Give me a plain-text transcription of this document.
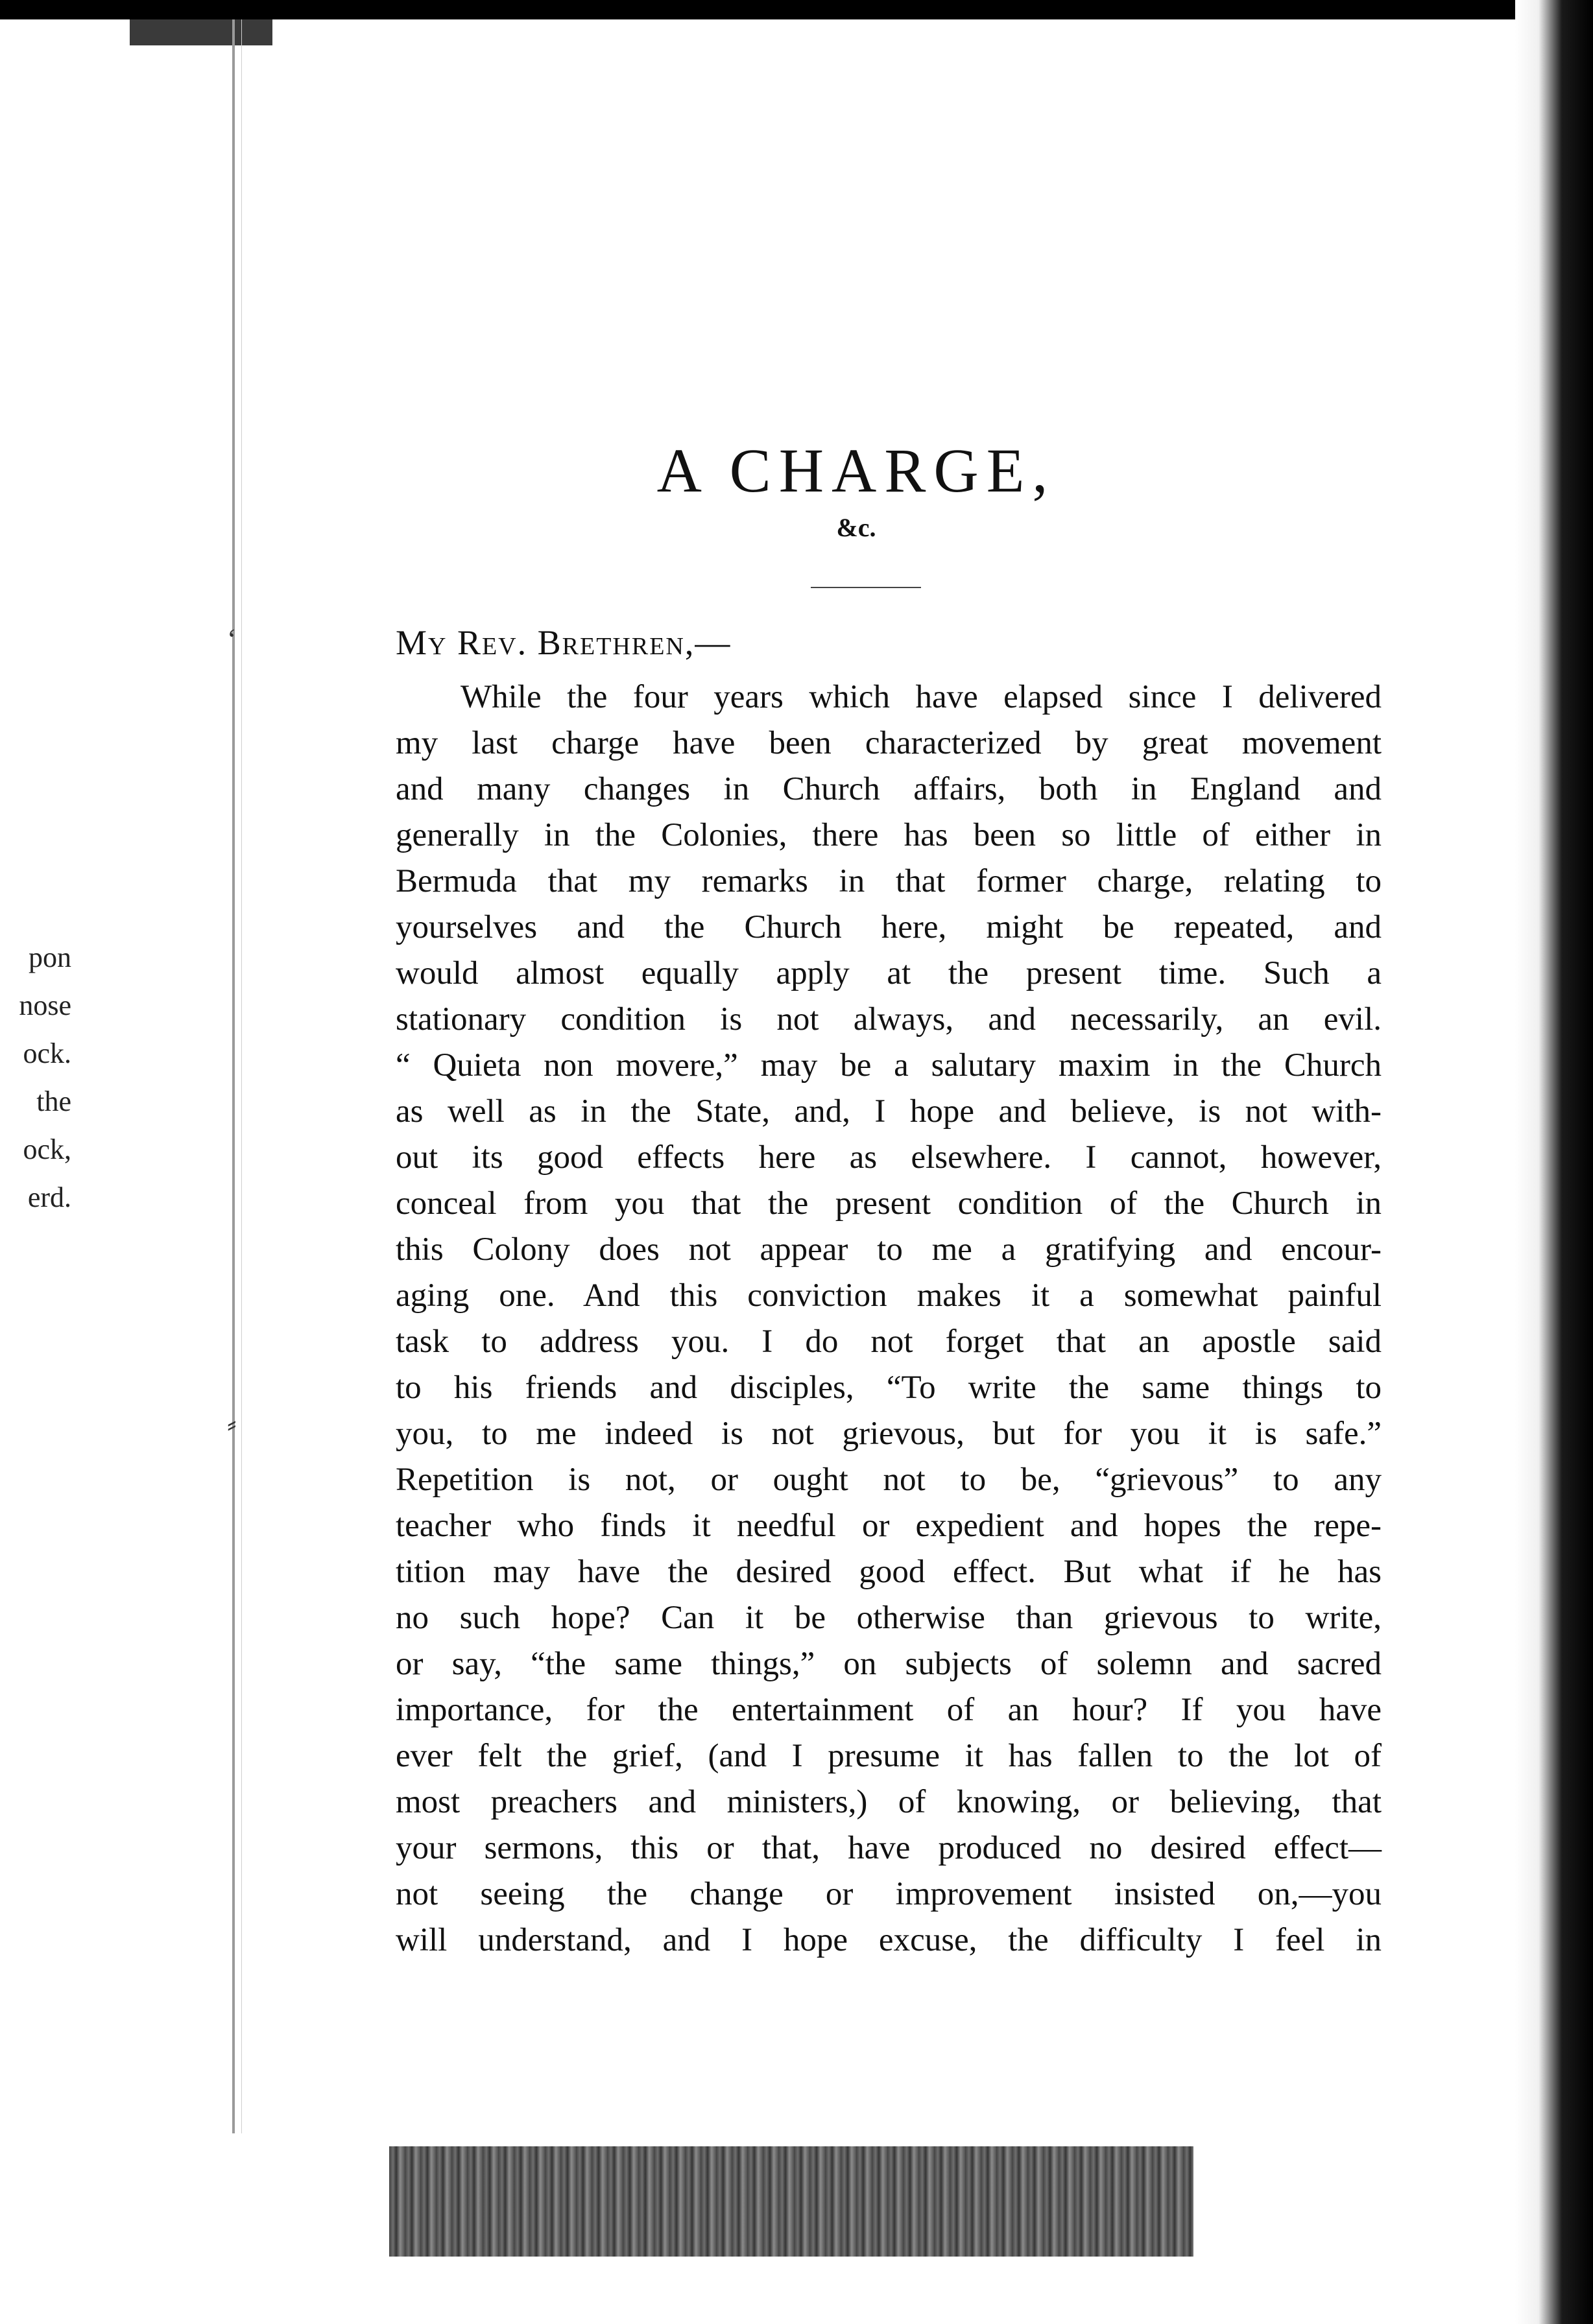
‘
⸗
pon
nose
ock.
the
ock,
erd.
A CHARGE,
&c.
My Rev. Brethren,—
While the four years which have elapsed since I delivered
my last charge have been characterized by great movement
and many changes in Church affairs, both in England and
generally in the Colonies, there has been so little of either in
Bermuda that my remarks in that former charge, relating to
yourselves and the Church here, might be repeated, and
would almost equally apply at the present time. Such a
stationary condition is not always, and necessarily, an evil.
“ Quieta non movere,” may be a salutary maxim in the Church
as well as in the State, and, I hope and believe, is not with-
out its good effects here as elsewhere. I cannot, however,
conceal from you that the present condition of the Church in
this Colony does not appear to me a gratifying and encour-
aging one. And this conviction makes it a somewhat painful
task to address you. I do not forget that an apostle said
to his friends and disciples, “To write the same things to
you, to me indeed is not grievous, but for you it is safe.”
Repetition is not, or ought not to be, “grievous” to any
teacher who finds it needful or expedient and hopes the repe-
tition may have the desired good effect. But what if he has
no such hope? Can it be otherwise than grievous to write,
or say, “the same things,” on subjects of solemn and sacred
importance, for the entertainment of an hour? If you have
ever felt the grief, (and I presume it has fallen to the lot of
most preachers and ministers,) of knowing, or believing, that
your sermons, this or that, have produced no desired effect—
not seeing the change or improvement insisted on,—you
will understand, and I hope excuse, the difficulty I feel in
